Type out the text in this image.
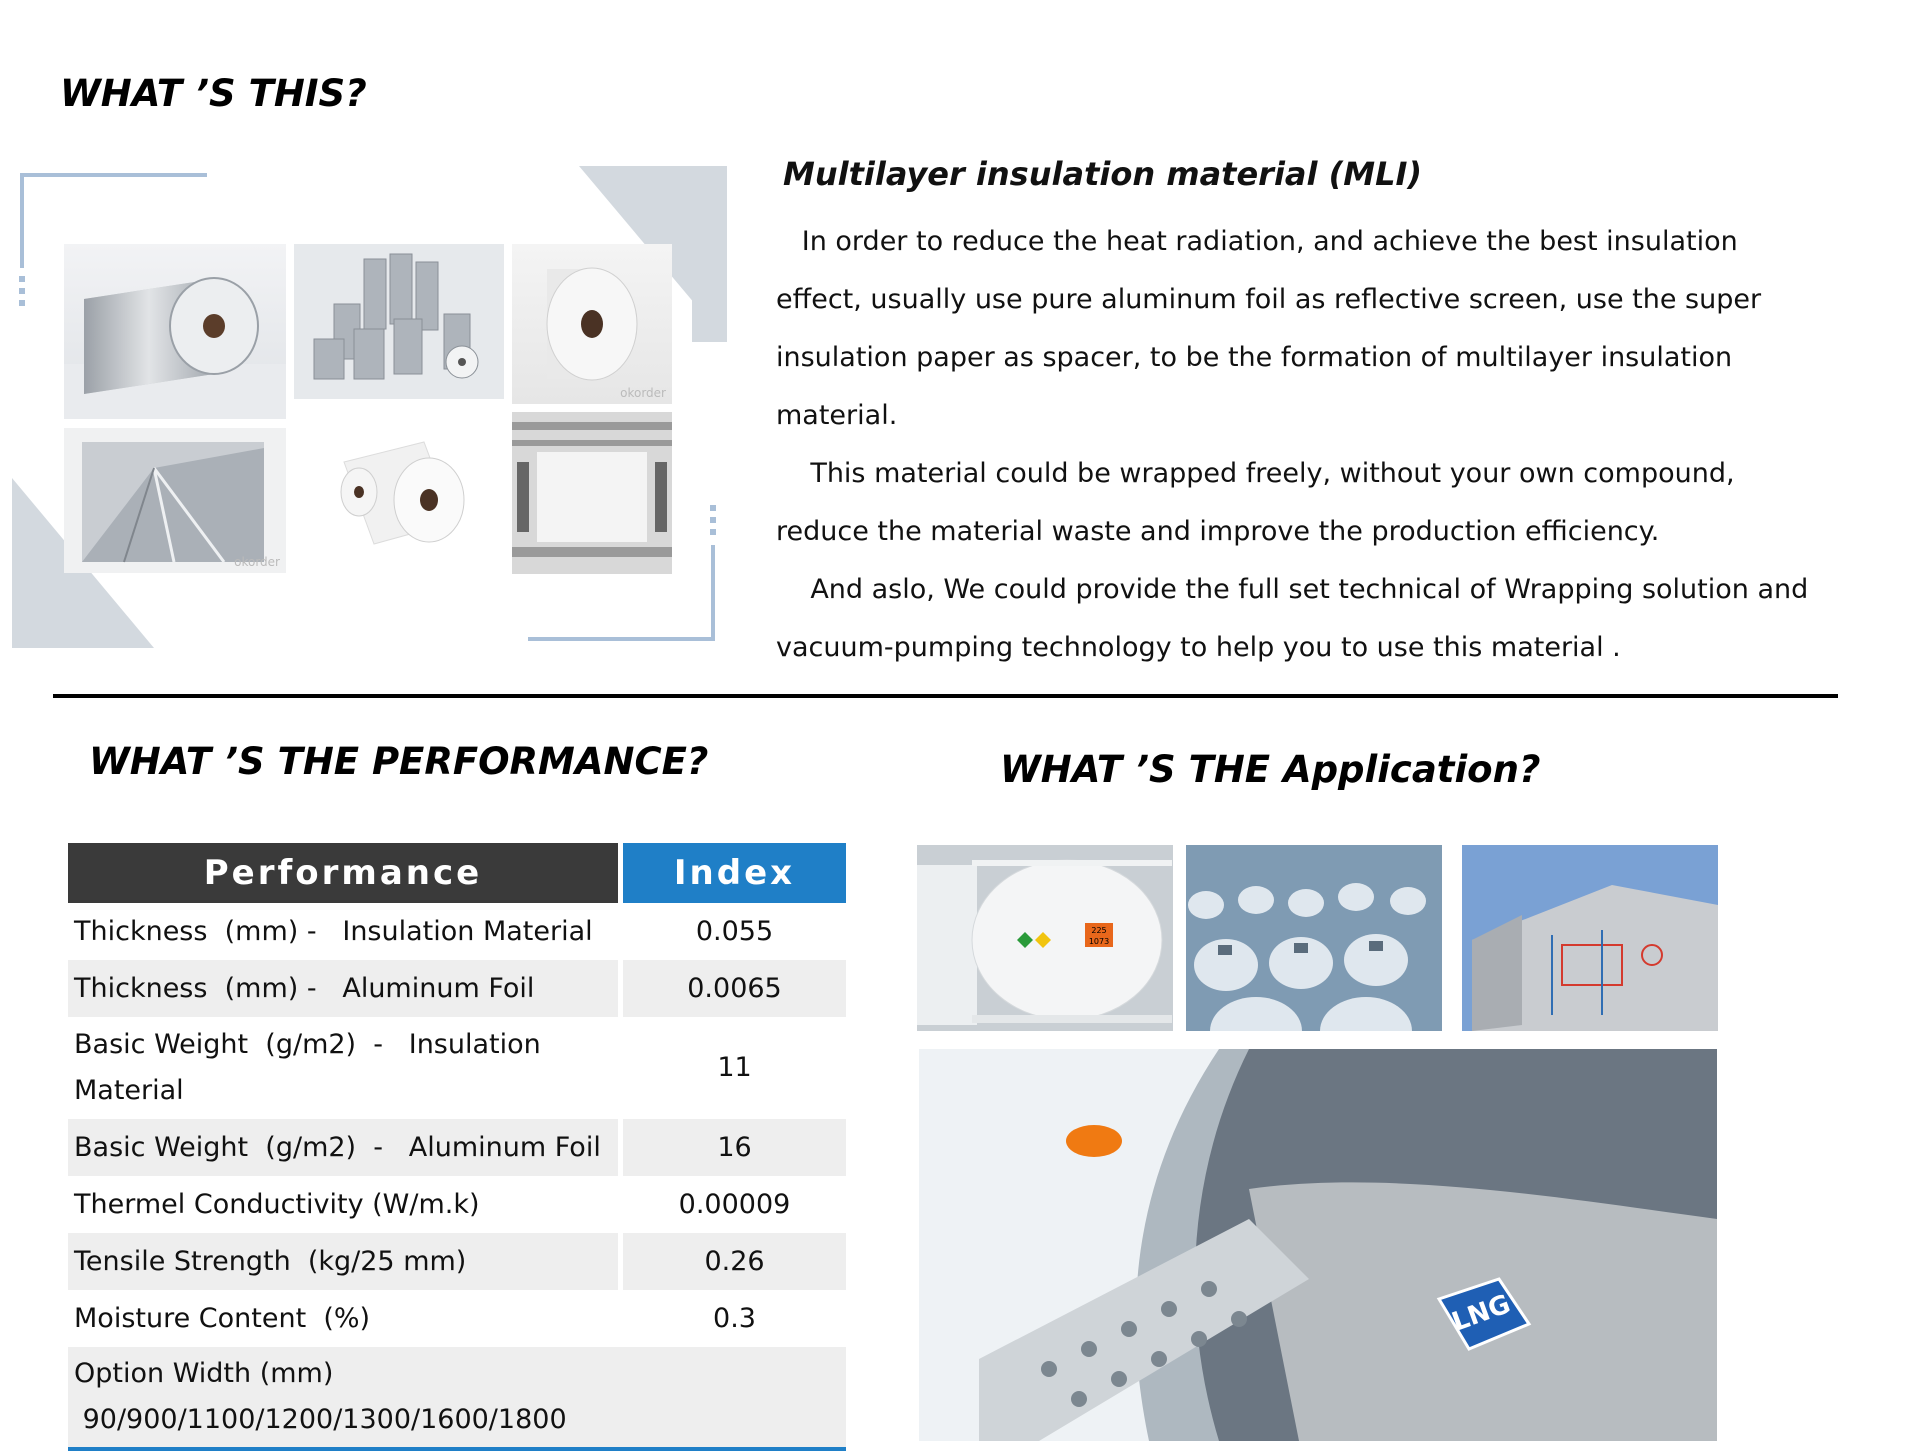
WHAT ’S THIS?
okorder
okorder
Multilayer insulation material (MLI)

In order to reduce the heat radiation, and achieve the best insulation

effect, usually use pure aluminum foil as reflective screen, use the super

insulation paper as spacer, to be the formation of multilayer insulation

material.

This material could be wrapped freely, without your own compound,

reduce the material waste and improve the production efficiency.

And aslo, We could provide the full set technical of Wrapping solution and

vacuum-pumping technology to help you to use this material .

WHAT ’S THE PERFORMANCE?
Performance	Index
Thickness  (mm) -   Insulation Material	0.055
Thickness  (mm) -   Aluminum Foil	0.0065
Basic Weight  (g/m2)  -   Insulation Material	11
Basic Weight  (g/m2)  -   Aluminum Foil	16
Thermel Conductivity (W/m.k)	0.00009
Tensile Strength  (kg/25 mm)	0.26
Moisture Content  (%)	0.3

Option Width (mm)
90/900/1100/1200/1300/1600/1800	
WHAT ’S THE Application?
225
1073
LNG
